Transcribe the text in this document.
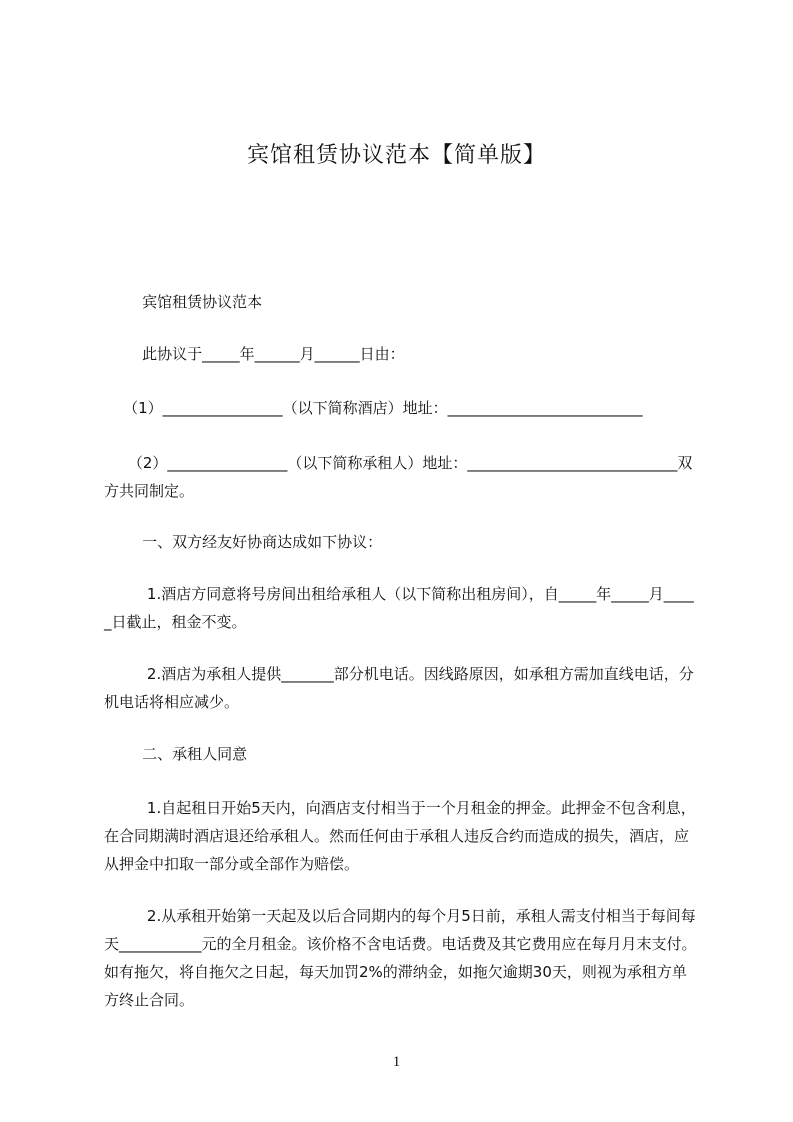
宾馆租赁协议范本【简单版】
宾馆租赁协议范本
此协议于_____年______月______日由：
（1）________________（以下简称酒店）地址：__________________________
（2）________________（以下简称承租人）地址：____________________________双方共同制定。
一、双方经友好协商达成如下协议：
1.酒店方同意将号房间出租给承租人（以下简称出租房间），自_____年_____月_____日截止，租金不变。
2.酒店为承租人提供_______部分机电话。因线路原因，如承租方需加直线电话，分机电话将相应减少。
二、承租人同意
1.自起租日开始5天内，向酒店支付相当于一个月租金的押金。此押金不包含利息，在合同期满时酒店退还给承租人。然而任何由于承租人违反合约而造成的损失，酒店，应从押金中扣取一部分或全部作为赔偿。
2.从承租开始第一天起及以后合同期内的每个月5日前，承租人需支付相当于每间每天___________元的全月租金。该价格不含电话费。电话费及其它费用应在每月月末支付。如有拖欠，将自拖欠之日起，每天加罚2%的滞纳金，如拖欠逾期30天，则视为承租方单方终止合同。
1
